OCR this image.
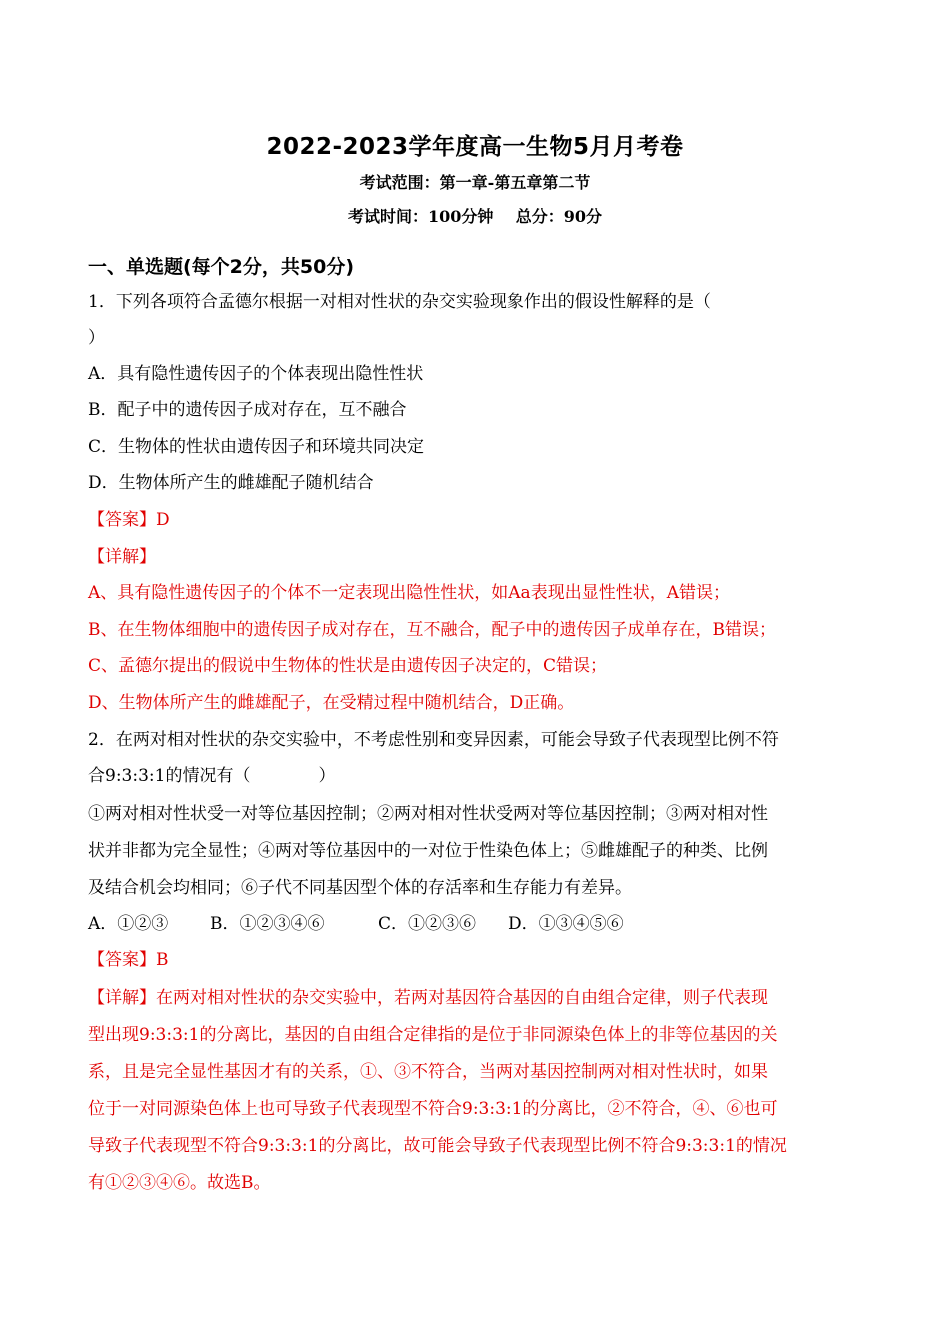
2022-2023学年度高一生物5月月考卷
考试范围：第一章-第五章第二节
考试时间：100分钟    总分：90分
一、单选题(每个2分，共50分)
1．下列各项符合孟德尔根据一对相对性状的杂交实验现象作出的假设性解释的是（
）
A．具有隐性遗传因子的个体表现出隐性性状
B．配子中的遗传因子成对存在，互不融合
C．生物体的性状由遗传因子和环境共同决定
D．生物体所产生的雌雄配子随机结合
【答案】D
【详解】
A、具有隐性遗传因子的个体不一定表现出隐性性状，如Aa表现出显性性状，A错误；
B、在生物体细胞中的遗传因子成对存在，互不融合，配子中的遗传因子成单存在，B错误；
C、孟德尔提出的假说中生物体的性状是由遗传因子决定的，C错误；
D、生物体所产生的雌雄配子，在受精过程中随机结合，D正确。
2．在两对相对性状的杂交实验中，不考虑性别和变异因素，可能会导致子代表现型比例不符
合9:3:3:1的情况有（　　　　）
①两对相对性状受一对等位基因控制；②两对相对性状受两对等位基因控制；③两对相对性
状并非都为完全显性；④两对等位基因中的一对位于性染色体上；⑤雌雄配子的种类、比例
及结合机会均相同；⑥子代不同基因型个体的存活率和生存能力有差异。
A．①②③ B．①②③④⑥	C．①②③⑥ D．①③④⑤⑥
【答案】B
【详解】在两对相对性状的杂交实验中，若两对基因符合基因的自由组合定律，则子代表现
型出现9:3:3:1的分离比，基因的自由组合定律指的是位于非同源染色体上的非等位基因的关
系，且是完全显性基因才有的关系，①、③不符合，当两对基因控制两对相对性状时，如果
位于一对同源染色体上也可导致子代表现型不符合9:3:3:1的分离比，②不符合，④、⑥也可
导致子代表现型不符合9:3:3:1的分离比，故可能会导致子代表现型比例不符合9:3:3:1的情况
有①②③④⑥。故选B。
